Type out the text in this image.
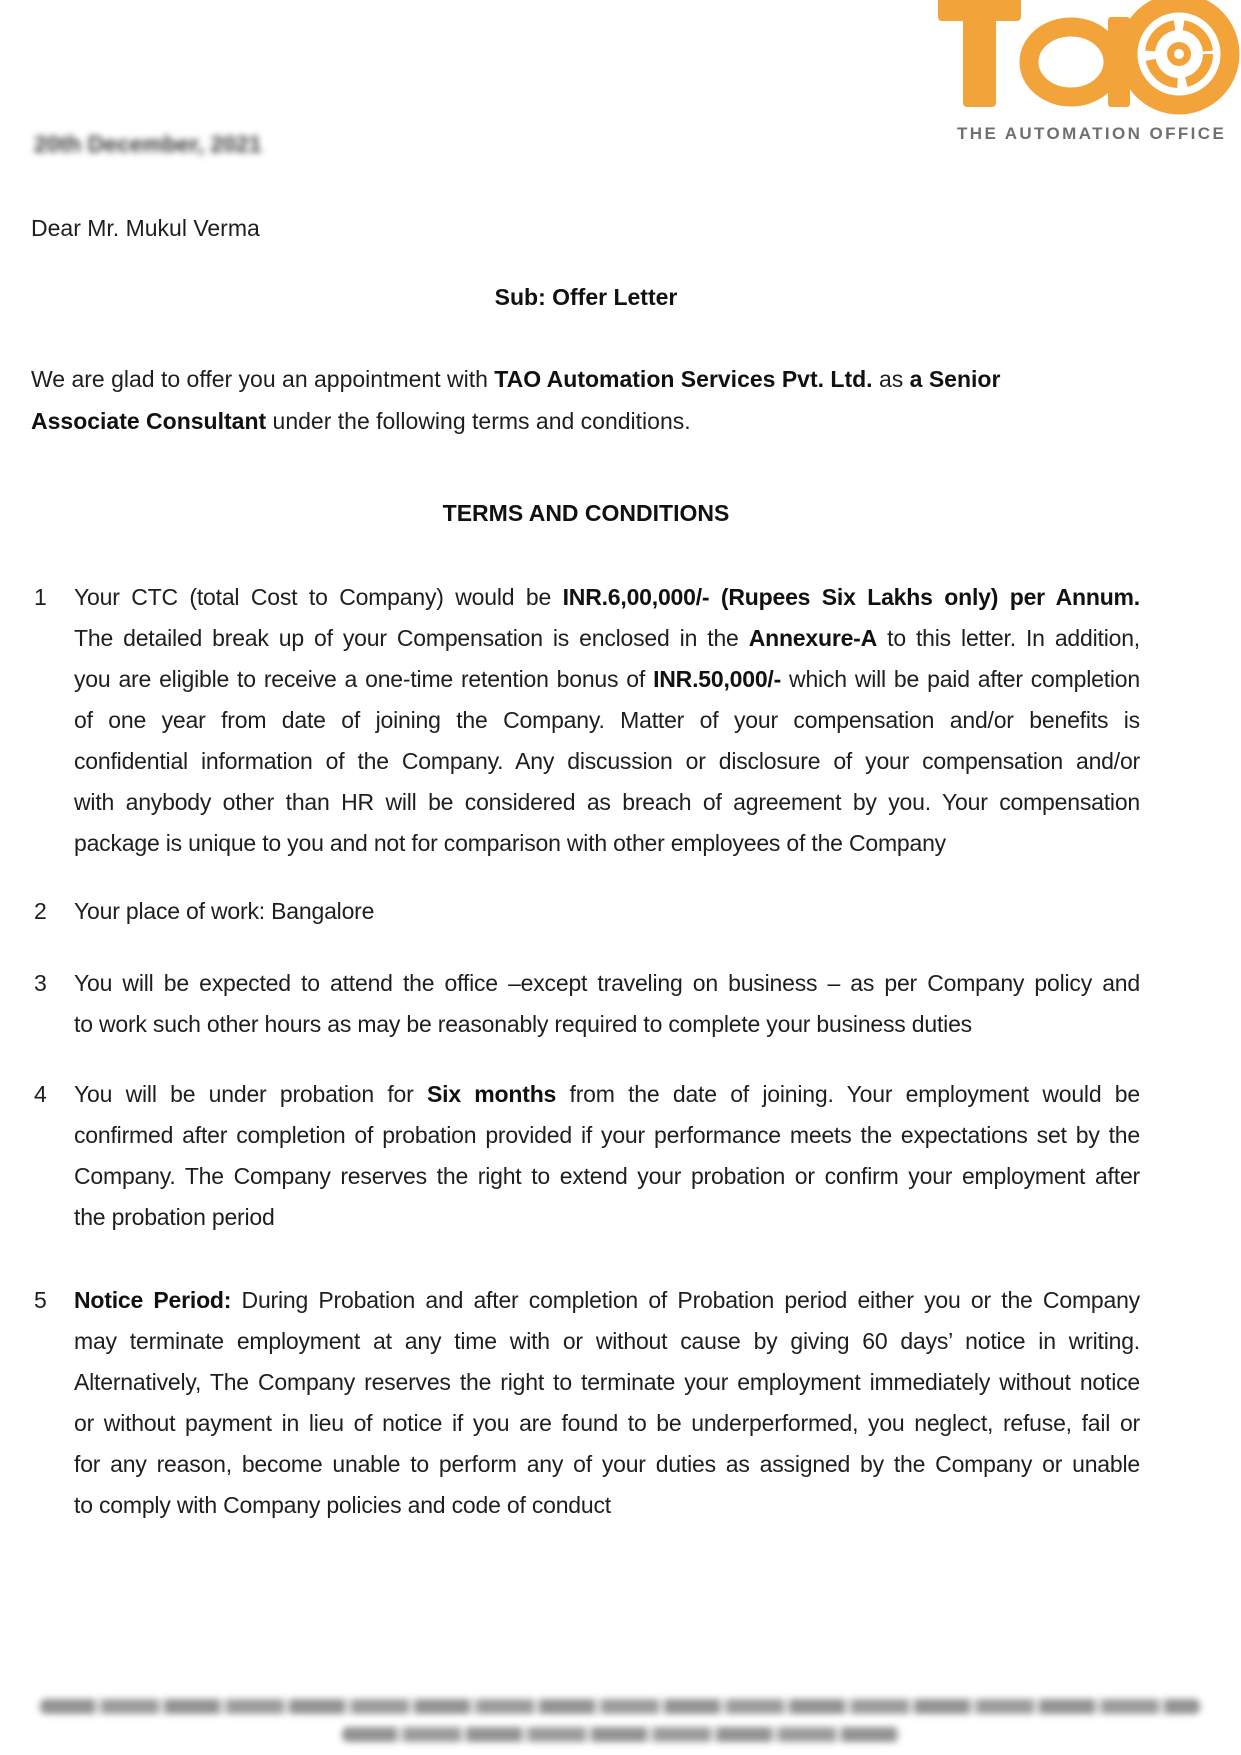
THE AUTOMATION OFFICE
20th December, 2021
Dear Mr. Mukul Verma
Sub: Offer Letter
We are glad to offer you an appointment with TAO Automation Services Pvt. Ltd. as a Senior
Associate Consultant under the following terms and conditions.
TERMS AND CONDITIONS
1 Your CTC (total Cost to Company) would be INR.6,00,000/- (Rupees Six Lakhs only) per Annum.
The detailed break up of your Compensation is enclosed in the Annexure-A to this letter. In addition,
you are eligible to receive a one-time retention bonus of INR.50,000/- which will be paid after completion
of one year from date of joining the Company. Matter of your compensation and/or benefits is
confidential information of the Company. Any discussion or disclosure of your compensation and/or
with anybody other than HR will be considered as breach of agreement by you. Your compensation
package is unique to you and not for comparison with other employees of the Company
2 Your place of work: Bangalore
3 You will be expected to attend the office –except traveling on business – as per Company policy and
to work such other hours as may be reasonably required to complete your business duties
4 You will be under probation for Six months from the date of joining. Your employment would be
confirmed after completion of probation provided if your performance meets the expectations set by the
Company. The Company reserves the right to extend your probation or confirm your employment after
the probation period
5 Notice Period: During Probation and after completion of Probation period either you or the Company
may terminate employment at any time with or without cause by giving 60 days’ notice in writing.
Alternatively, The Company reserves the right to terminate your employment immediately without notice
or without payment in lieu of notice if you are found to be underperformed, you neglect, refuse, fail or
for any reason, become unable to perform any of your duties as assigned by the Company or unable
to comply with Company policies and code of conduct
